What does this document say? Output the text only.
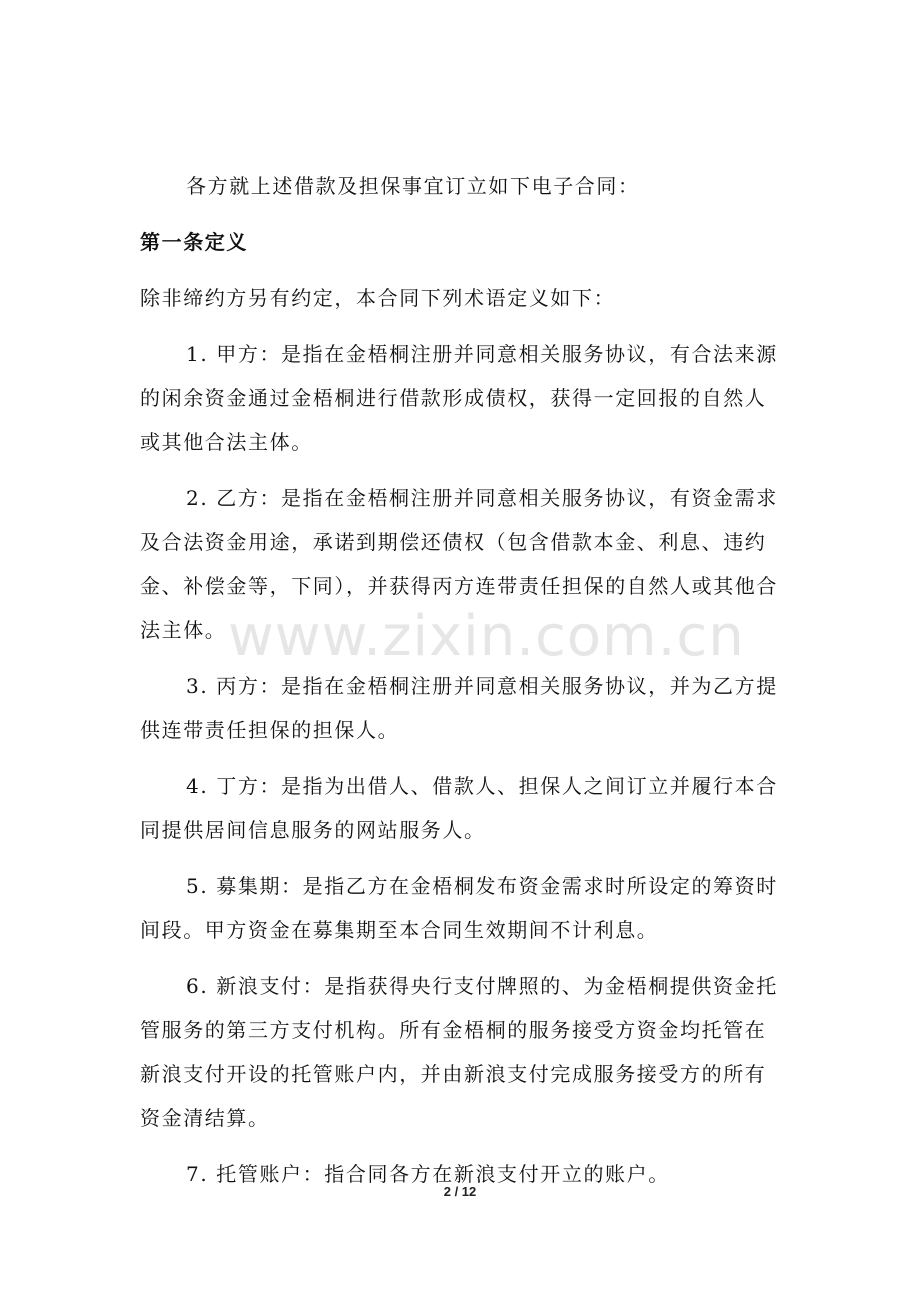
各方就上述借款及担保事宜订立如下电子合同：

第一条定义

除非缔约方另有约定，本合同下列术语定义如下：

1. 甲方：是指在金梧桐注册并同意相关服务协议，有合法来源的闲余资金通过金梧桐进行借款形成债权，获得一定回报的自然人或其他合法主体。

2. 乙方：是指在金梧桐注册并同意相关服务协议，有资金需求及合法资金用途，承诺到期偿还债权（包含借款本金、利息、违约金、补偿金等，下同），并获得丙方连带责任担保的自然人或其他合法主体。

3. 丙方：是指在金梧桐注册并同意相关服务协议，并为乙方提供连带责任担保的担保人。

4. 丁方：是指为出借人、借款人、担保人之间订立并履行本合同提供居间信息服务的网站服务人。

5. 募集期：是指乙方在金梧桐发布资金需求时所设定的筹资时间段。甲方资金在募集期至本合同生效期间不计利息。

6. 新浪支付：是指获得央行支付牌照的、为金梧桐提供资金托管服务的第三方支付机构。所有金梧桐的服务接受方资金均托管在新浪支付开设的托管账户内，并由新浪支付完成服务接受方的所有资金清结算。

7. 托管账户：指合同各方在新浪支付开立的账户。

www.zixin.com.cn
2 / 12
